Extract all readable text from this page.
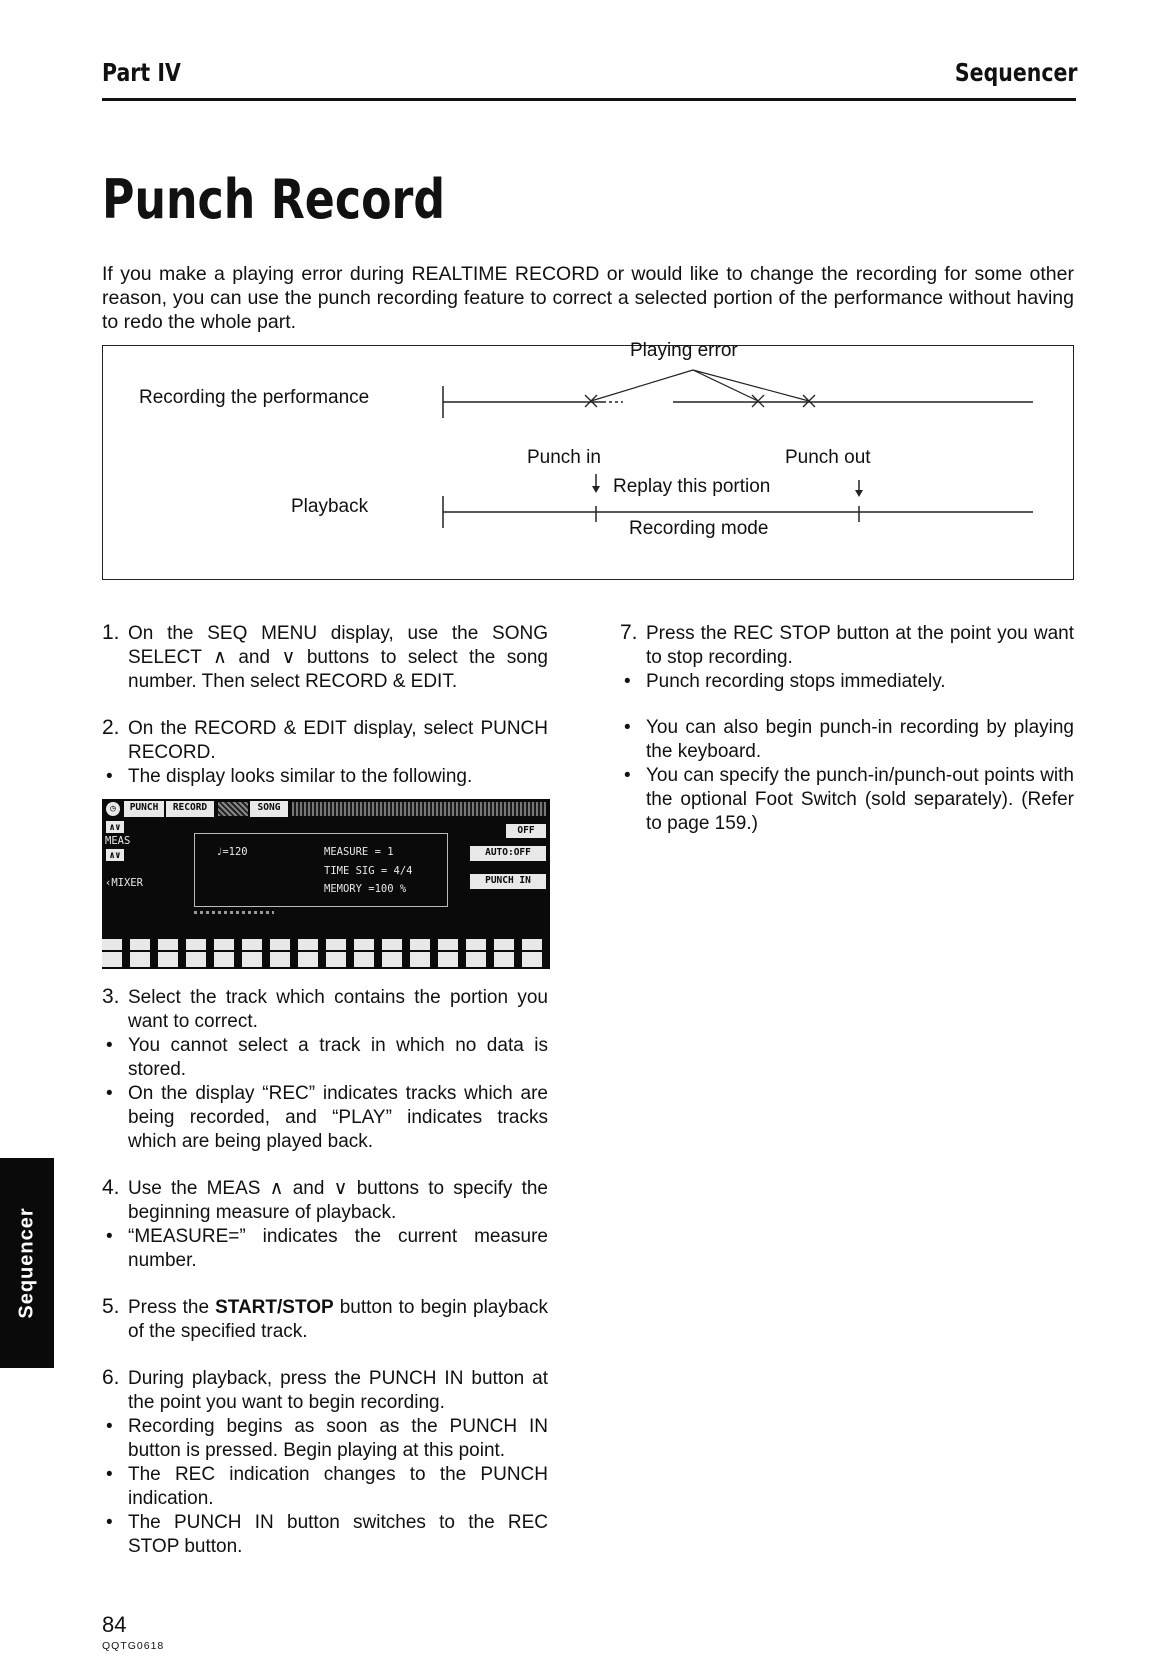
Part IV	Sequencer
Punch Record
If you make a playing error during REALTIME RECORD or would like to change the recording for some other reason, you can use the punch recording feature to correct a selected portion of the performance without having to redo the whole part.
Playing error
Recording the performance
Punch in	Punch out
Replay this portion
Playback
Recording mode

1. On the SEQ MENU display, use the SONG SELECT ∧ and ∨ buttons to select the song number. Then select RECORD & EDIT.

2. On the RECORD & EDIT display, select PUNCH RECORD.

• The display looks similar to the following.

◷	PUNCH	RECORD	SONG
∧∨
MEAS
∧∨
‹MIXER
♩=120	MEASURE = 1
TIME SIG = 4/4
MEMORY =100 %
OFF
AUTO:OFF
PUNCH IN

3. Select the track which contains the portion you want to correct.

• You cannot select a track in which no data is stored.

• On the display “REC” indicates tracks which are being recorded, and “PLAY” indicates tracks which are being played back.

4. Use the MEAS ∧ and ∨ buttons to specify the beginning measure of playback.

• “MEASURE=” indicates the current measure number.

5. Press the START/STOP button to begin playback of the specified track.

6. During playback, press the PUNCH IN button at the point you want to begin recording.

• Recording begins as soon as the PUNCH IN button is pressed. Begin playing at this point.

• The REC indication changes to the PUNCH indication.

• The PUNCH IN button switches to the REC STOP button.

7. Press the REC STOP button at the point you want to stop recording.

• Punch recording stops immediately.

• You can also begin punch-in recording by playing the keyboard.

• You can specify the punch-in/punch-out points with the optional Foot Switch (sold separately). (Refer to page 159.)

Sequencer
84
QQTG0618
